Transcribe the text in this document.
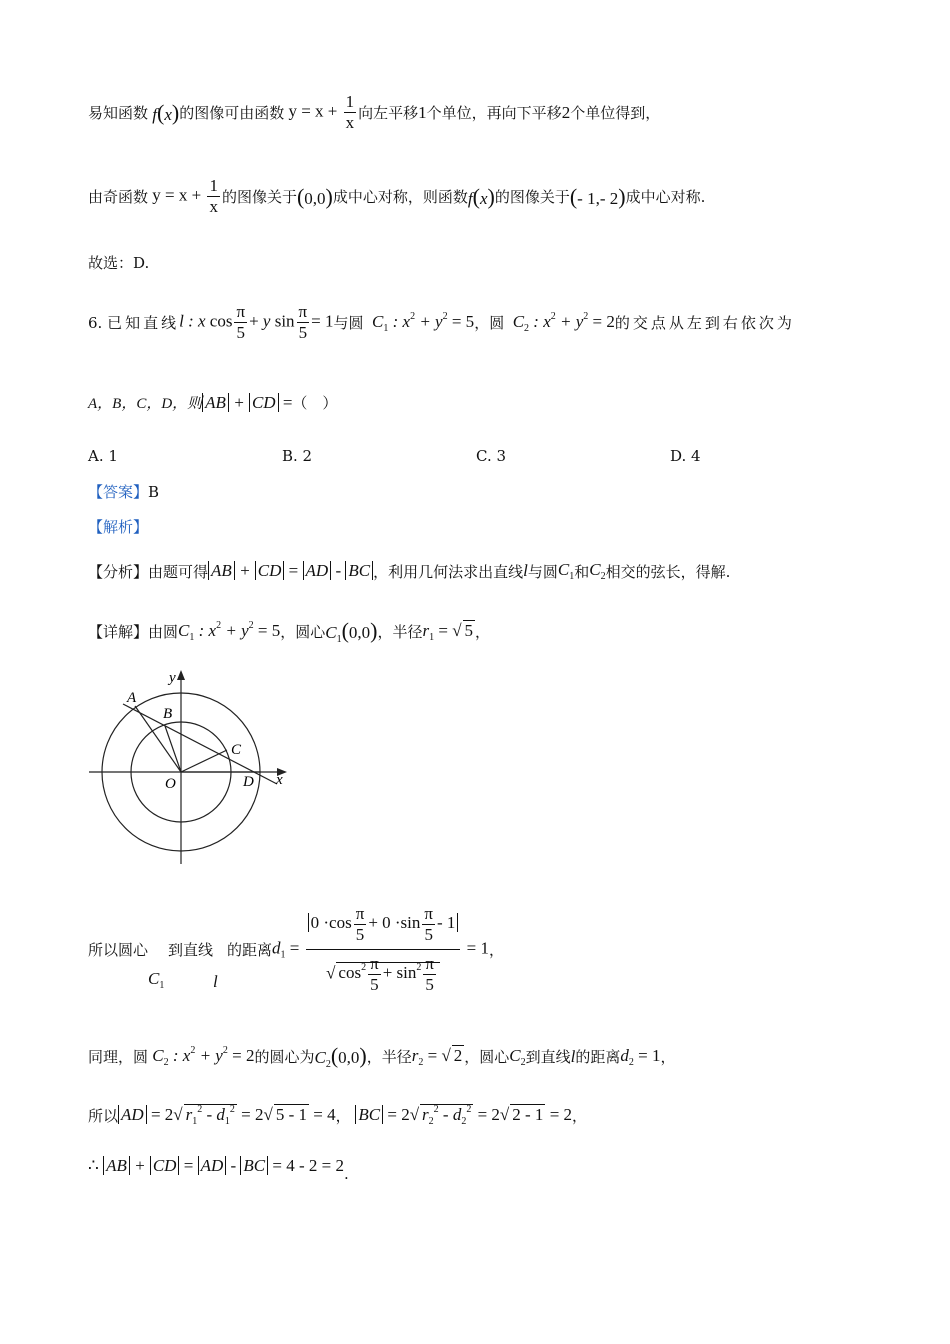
易知函数 f(x) 的图像可由函数 $y = x + \frac{1}{x}$ 向左平移 1 个单位，再向下平移 2 个单位得到，
由奇函数 $y = x + \frac{1}{x}$ 的图像关于 (0,0) 成中心对称，则函数 f(x) 的图像关于 (- 1,- 2) 成中心对称.
故选：D.
6.
已知直线 l : x $\cos \frac{\pi}{5} + y$ $\sin \frac{\pi}{5} = 1$ 与圆 $C_1$ : $x^2 + y^2 = 5$ ，圆 $C_2$ : $x^2 + y^2 = 2$ 的交点从左到右依次为
A，B，C，D，则 AB + CD = （　）
A. 1	B. 2	C. 3	D. 4
【答案】 B
【解析】
【分析】 由题可得 AB + CD = AD - BC ，利用几何法求出直线 l 与圆 $C_1$ 和 $C_2$ 相交的弦长，得解.
【详解】 由圆 $C_1$ : $x^2 + y^2 = 5$ ，圆心 $C_1(0,0)$ ，半径 $r_1$ = √ 5 ，
A
B
C
D
O	x
y
所以圆心
$C_1$
到直线
l
的距离 $d_1 = \frac{0 \cdot\cos \frac{\pi}{5} + 0 \cdot\sin \frac{\pi}{5} - 1}{√ \cos^2 \frac{\pi}{5} + \sin^2 \frac{\pi}{5}} = 1$ ，
同理，圆 $C_2$ : $x^2 + y^2 = 2$ 的圆心为 $C_2(0,0)$ ，半径 $r_2$ = √ 2 ，圆心 $C_2$ 到直线 l 的距离 $d_2 = 1$ ，
所以 AD = 2√ $r_1^2 - d_1^2 = 2√$ 5 - 1 = 4 ，
BC = 2√ $r_2^2 - d_2^2 = 2√$ 2 - 1 = 2 ，
∴ AB + CD = AD - BC = 4 - 2 = 2 .
